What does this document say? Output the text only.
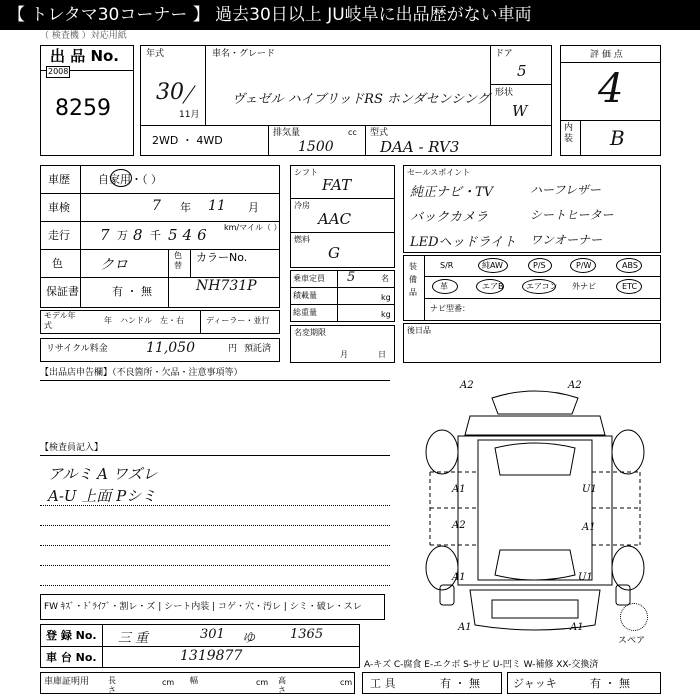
【 トレタマ30コーナー 】 過去30日以上 JU岐阜に出品歴がない車両
（ 検査機 ）対応用紙
出 品 No.
2008
8259
年式
30
11月
車名・グレード
ヴェゼル ハイブリッドRS ホンダセンシング
ドア
5
形状
W
2WD ・ 4WD
排気量	cc
1500
型式
DAA - RV3
評 価 点
4
内装 B
車歴	自家用・（ ）
車検	7 年 11 月
走行 7 万 8 千 546 km/マイル（ ）
色	クロ
色替
カラーNo.
保証書	有 ・ 無	NH731P
モデル年式
年 ハンドル 左・右	ディーラー・並行
リサイクル料金	11,050	円 預託済
シフト
FAT
冷房
AAC
燃料
G
乗車定員 5	名
積載量	kg
総重量	kg
名変期限
月	日
セールスポイント
純正ナビ・TV	ハーフレザー
バックカメラ	シートヒーター
LEDヘッドライト ワンオーナー
装備品
S/R	純AW	P/S	P/W	ABS
革	エアB	エアコン 外ナビ	ETC
ナビ型番：
後日品
【出品店申告欄】（不良箇所・欠品・注意事項等）
【検査員記入】
アルミ A ワズレ
A-U 上面 Pシミ
A2	A2
A1
A2
A1	U1
A1
U1
A1	A1
スペア
FW ｷｽﾞ・ﾄﾞﾗｲﾌﾞ・割レ・ズ | シート内装 | コゲ・穴・汚レ | シミ・破レ・スレ
登 録 No. 三 重	301 ゆ	1365
車 台 No.	1319877
車庫証明用 長さ
cm 幅	cm 高さ
cm
A-キズ C-腐食 E-エクボ S-サビ U-凹ミ W-補修 XX-交換済
工 具	有 ・ 無	ジャッキ	有 ・ 無
